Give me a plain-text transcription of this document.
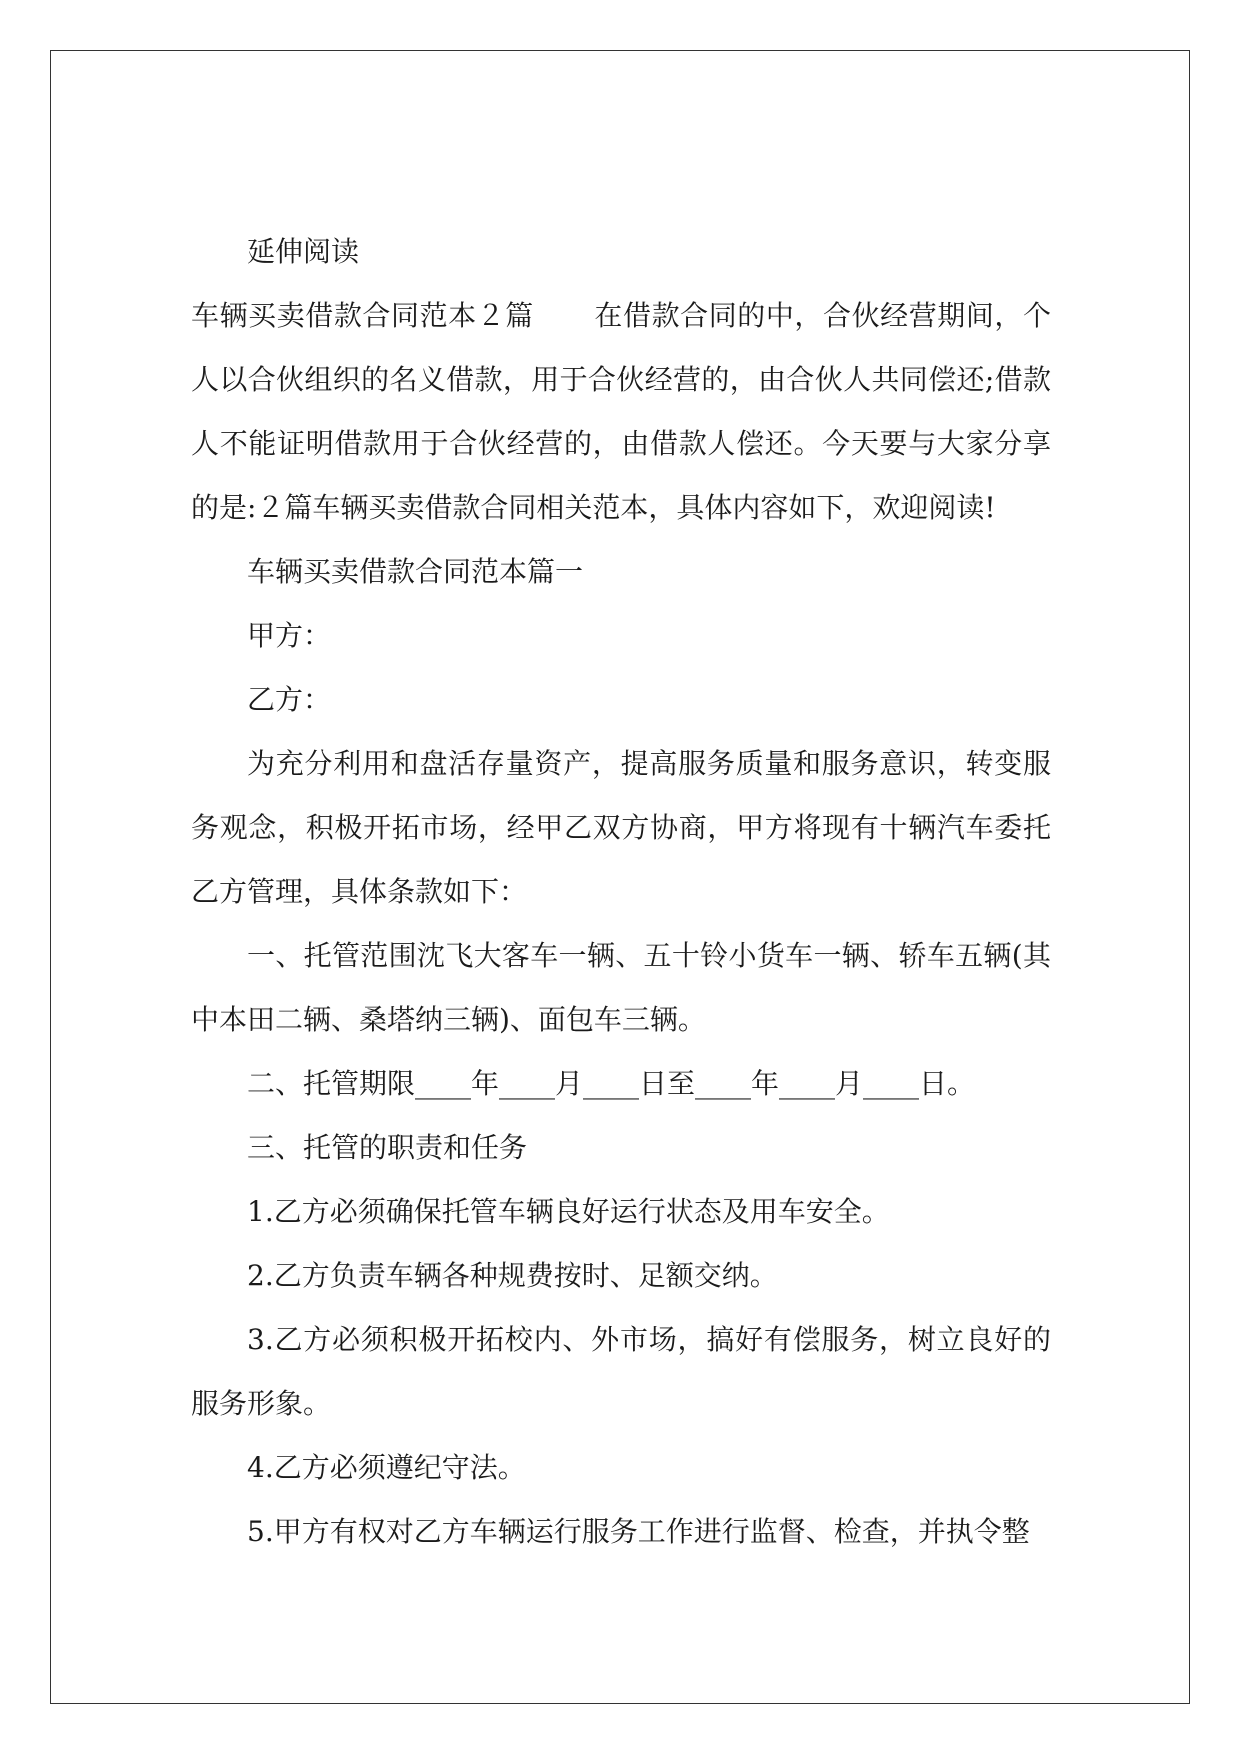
延伸阅读

车辆买卖借款合同范本２篇 在借款合同的中，合伙经营期间，个人以合伙组织的名义借款，用于合伙经营的，由合伙人共同偿还;借款人不能证明借款用于合伙经营的，由借款人偿还。今天要与大家分享的是:２篇车辆买卖借款合同相关范本，具体内容如下，欢迎阅读!

车辆买卖借款合同范本篇一

甲方：

乙方：

为充分利用和盘活存量资产，提高服务质量和服务意识，转变服务观念，积极开拓市场，经甲乙双方协商，甲方将现有十辆汽车委托乙方管理，具体条款如下：

一、托管范围沈飞大客车一辆、五十铃小货车一辆、轿车五辆(其中本田二辆、桑塔纳三辆)、面包车三辆。

二、托管期限____年____月____日至____年____月____日。

三、托管的职责和任务

1.乙方必须确保托管车辆良好运行状态及用车安全。

2.乙方负责车辆各种规费按时、足额交纳。

3.乙方必须积极开拓校内、外市场，搞好有偿服务，树立良好的服务形象。

4.乙方必须遵纪守法。

5.甲方有权对乙方车辆运行服务工作进行监督、检查，并执令整
